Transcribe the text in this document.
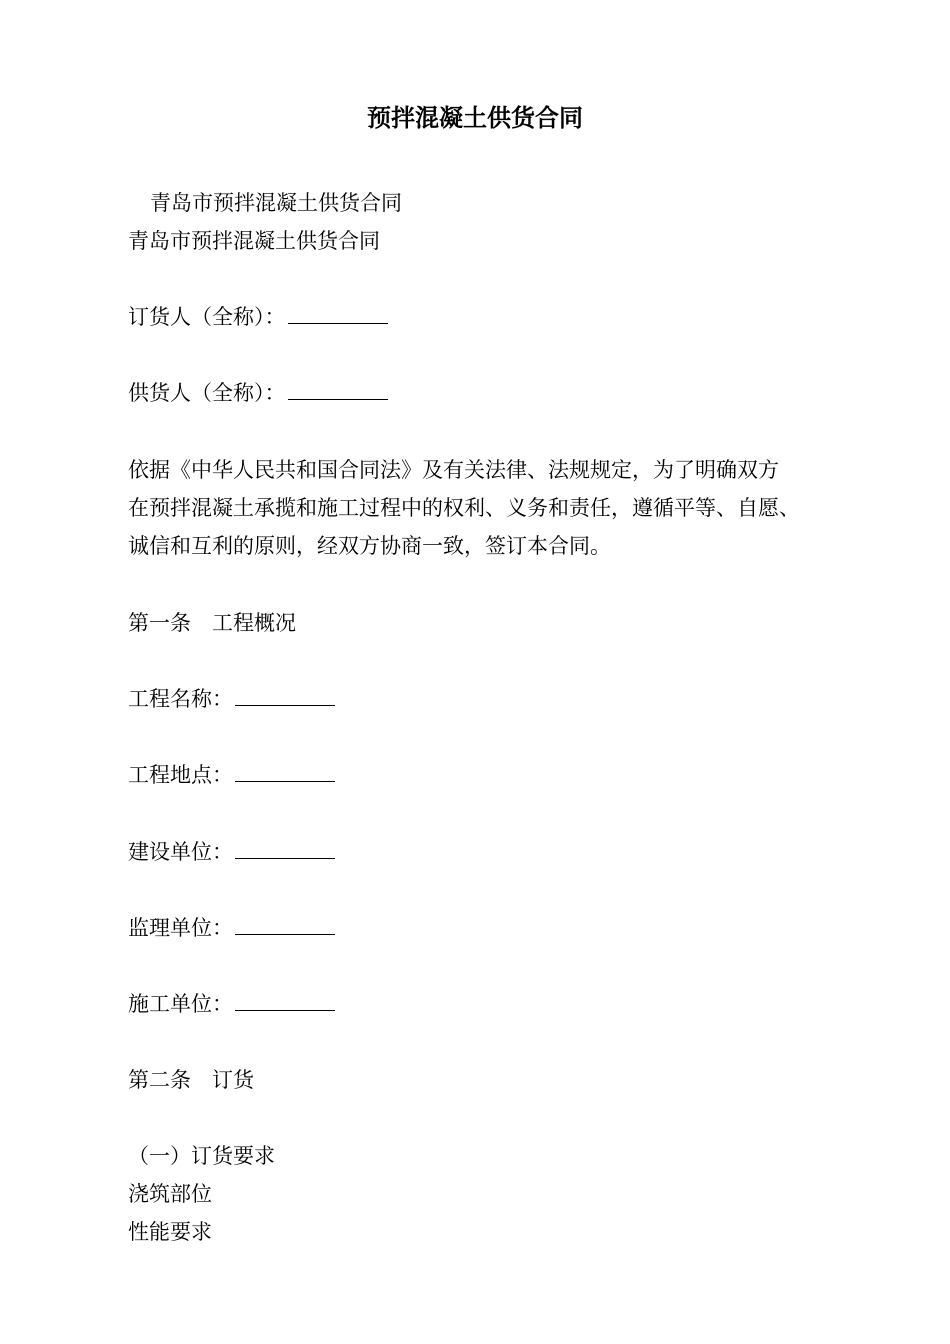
预拌混凝土供货合同

青岛市预拌混凝土供货合同

青岛市预拌混凝土供货合同

订货人（全称）：

供货人（全称）：

依据《中华人民共和国合同法》及有关法律、法规规定，为了明确双方

在预拌混凝土承揽和施工过程中的权利、义务和责任，遵循平等、自愿、

诚信和互利的原则，经双方协商一致，签订本合同。

第一条　工程概况

工程名称：

工程地点：

建设单位：

监理单位：

施工单位：

第二条　订货

（一）订货要求

浇筑部位

性能要求
